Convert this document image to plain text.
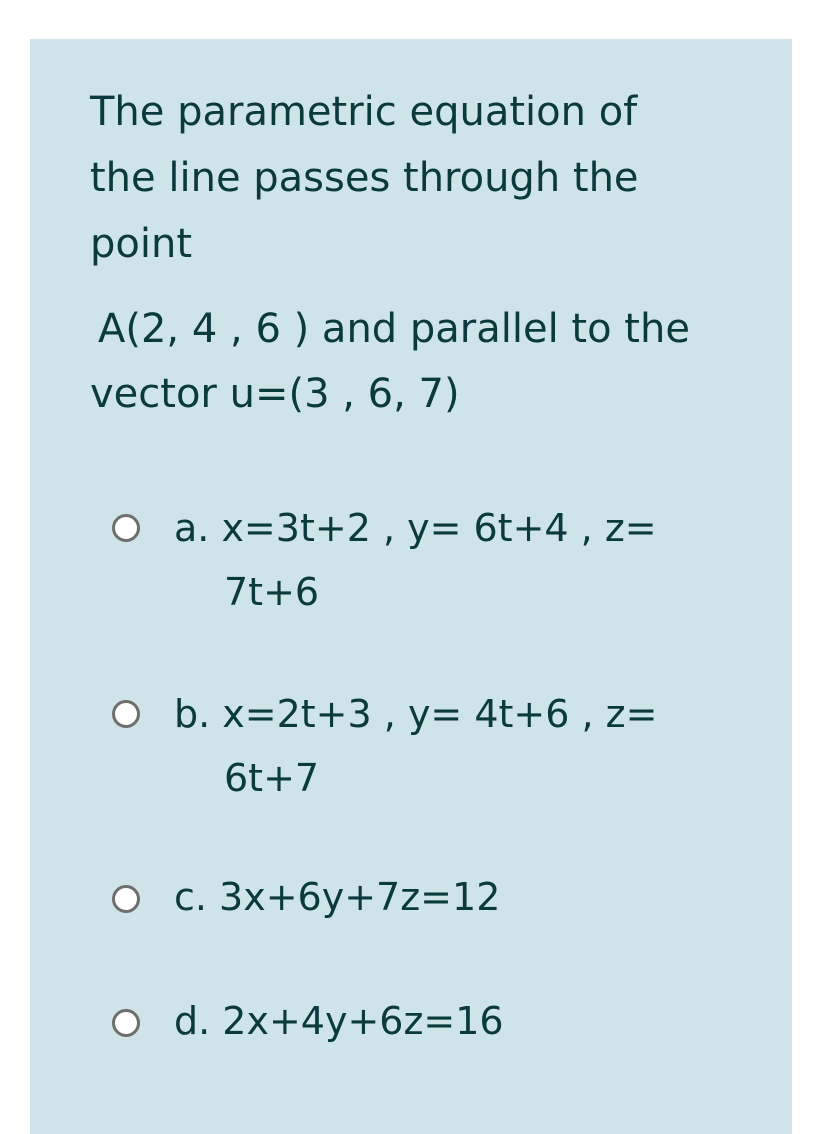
The parametric equation of

the line passes through the

point

A(2, 4 , 6 ) and parallel to the

vector u=(3 , 6, 7)

a. x=3t+2 , y= 6t+4 , z=
7t+6
b. x=2t+3 , y= 4t+6 , z=
6t+7
c. 3x+6y+7z=12
d. 2x+4y+6z=16
